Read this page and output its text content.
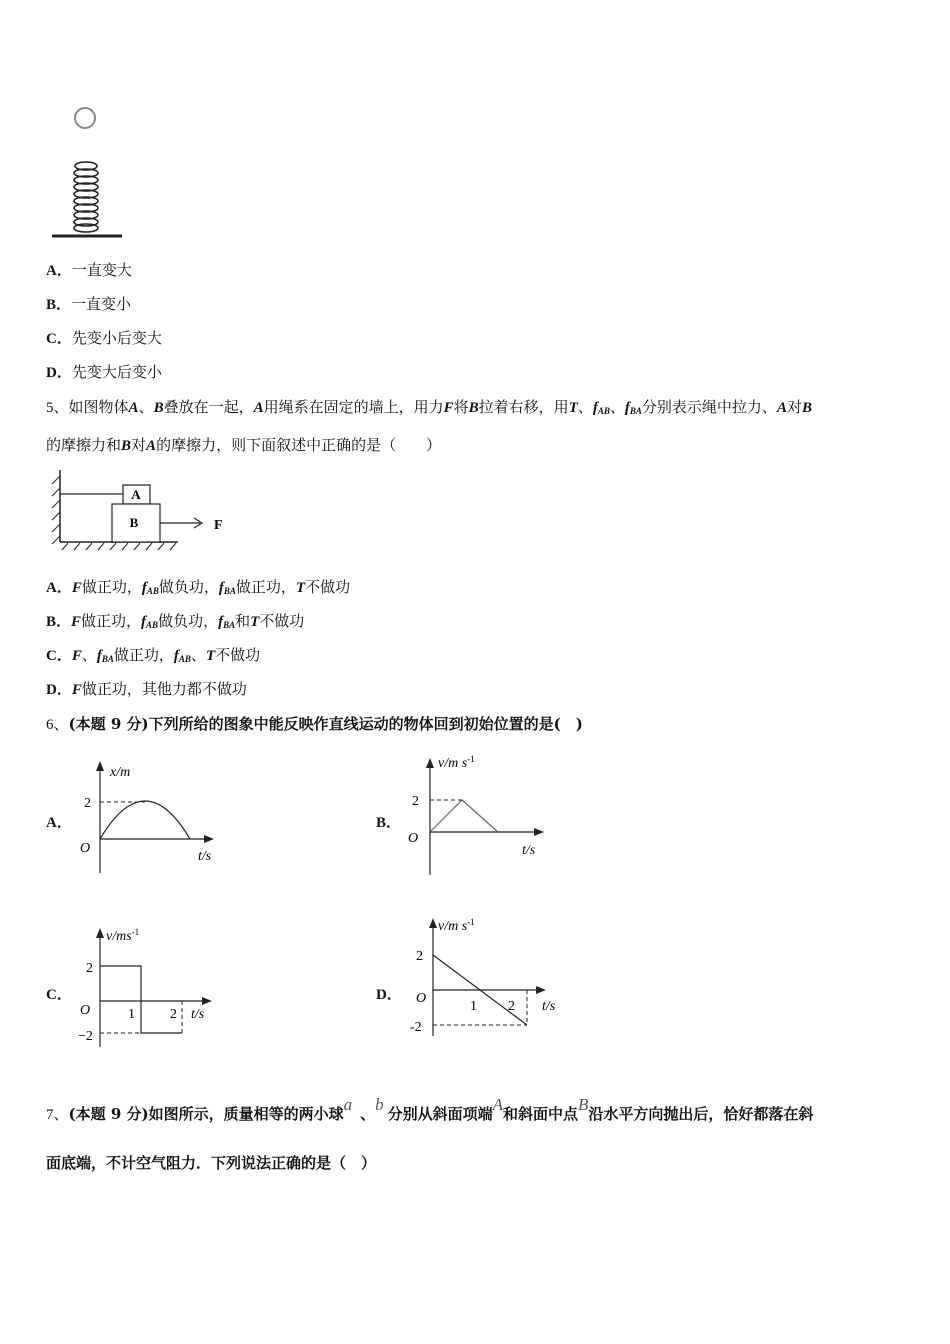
A．一直变大
B．一直变小
C．先变小后变大
D．先变大后变小
5、如图物体A、B叠放在一起，A用绳系在固定的墙上，用力F将B拉着右移，用T、$f_{AB}$、$f_{BA}$分别表示绳中拉力、A对B
的摩擦力和B对A的摩擦力，则下面叙述中正确的是（　　）
A
B	F
A．F做正功，$f_{AB}$做负功，$f_{BA}$做正功，T不做功
B．F做正功，$f_{AB}$做负功，$f_{BA}$和T不做功
C．F、$f_{BA}$做正功，$f_{AB}$、T不做功
D．F做正功，其他力都不做功
6、(本题 9 分)下列所给的图象中能反映作直线运动的物体回到初始位置的是(　)
A．	B．
C．	D．
x/m
2
O
t/s
v/m $s^{-1}$
2
O
t/s
$v/ms^{-1}$
2
O
−2
1	2 t/s
v/m $s^{-1}$
2
O
-2
1 2 t/s
7、(本题 9 分)如图所示，质量相等的两小球a 、b 分别从斜面项端A和斜面中点B沿水平方向抛出后，恰好都落在斜
面底端，不计空气阻力．下列说法正确的是（　）
